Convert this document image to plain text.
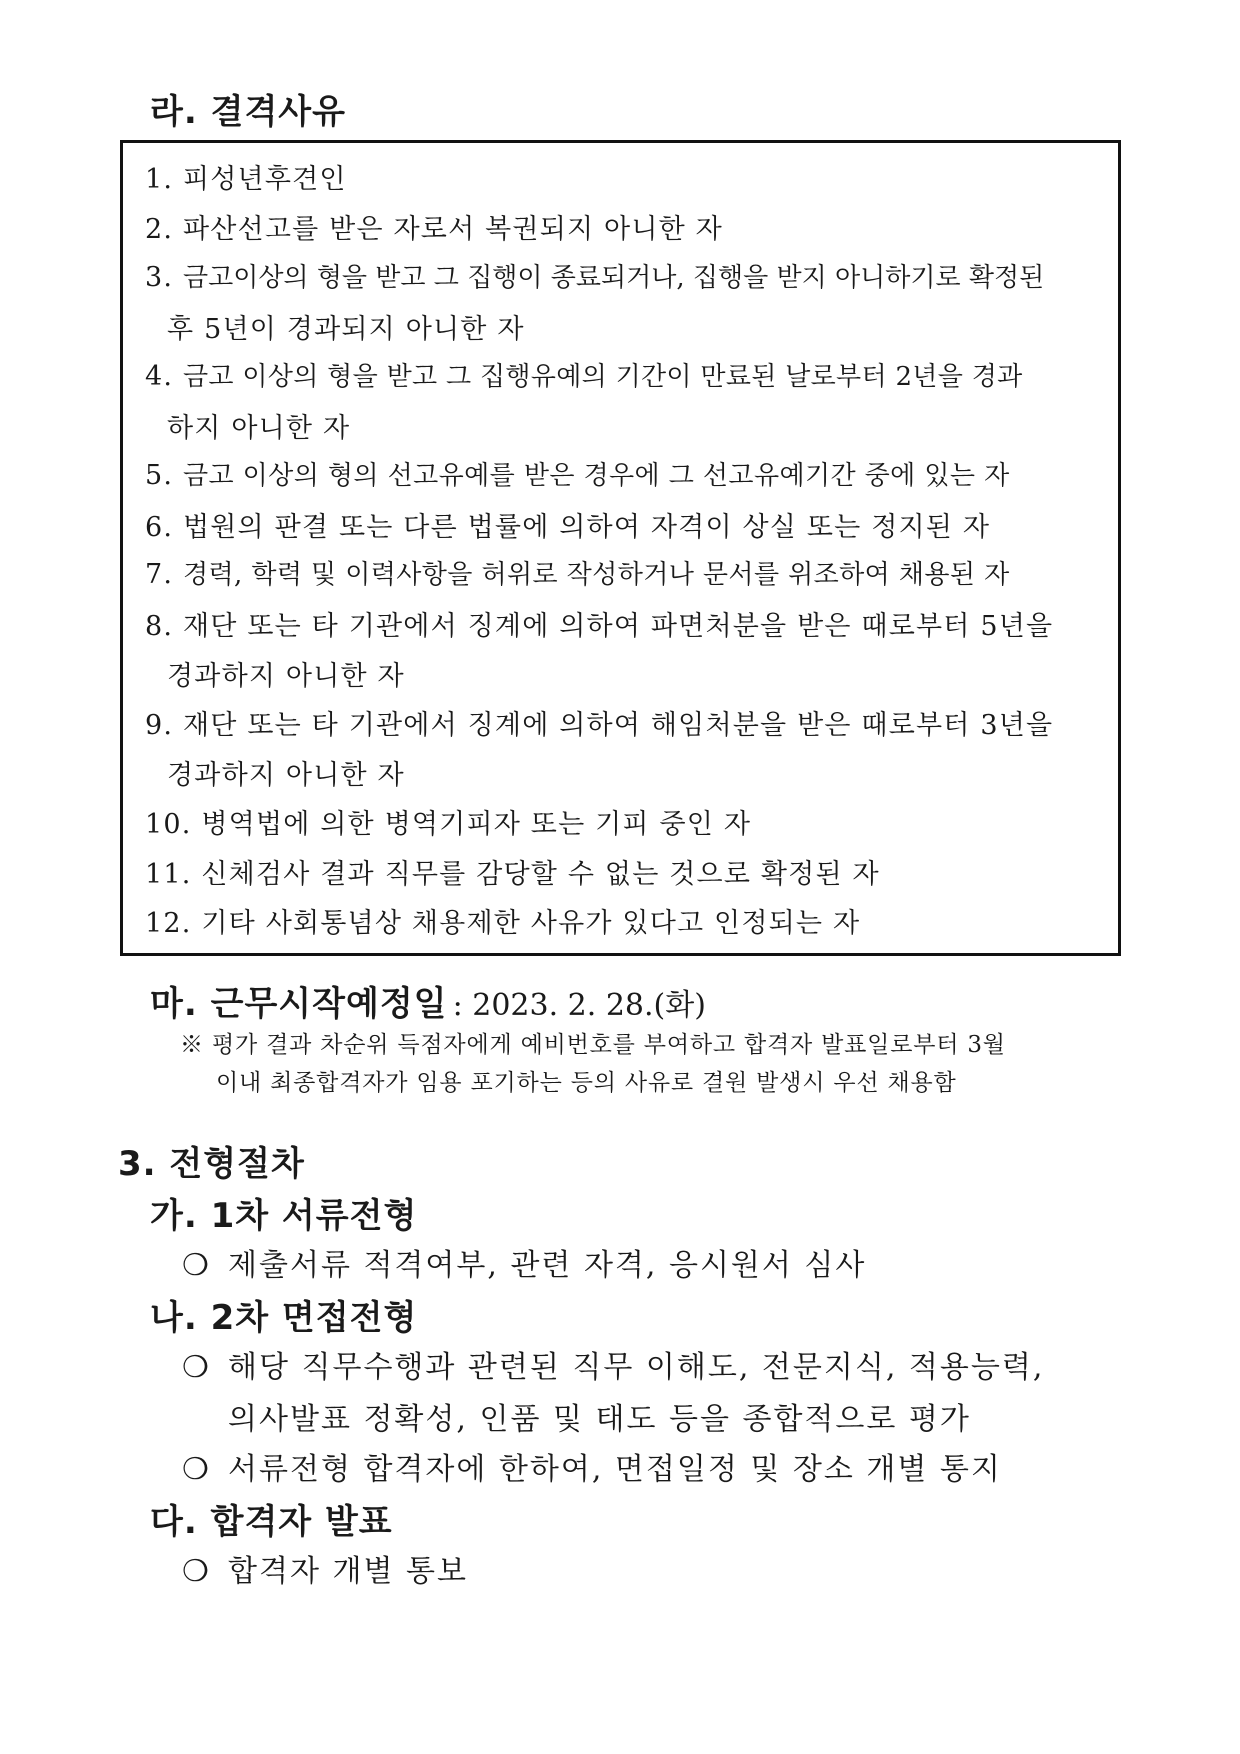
라. 결격사유
1. 피성년후견인
2. 파산선고를 받은 자로서 복권되지 아니한 자
3. 금고이상의 형을 받고 그 집행이 종료되거나, 집행을 받지 아니하기로 확정된
후 5년이 경과되지 아니한 자
4. 금고 이상의 형을 받고 그 집행유예의 기간이 만료된 날로부터 2년을 경과
하지 아니한 자
5. 금고 이상의 형의 선고유예를 받은 경우에 그 선고유예기간 중에 있는 자
6. 법원의 판결 또는 다른 법률에 의하여 자격이 상실 또는 정지된 자
7. 경력, 학력 및 이력사항을 허위로 작성하거나 문서를 위조하여 채용된 자
8. 재단 또는 타 기관에서 징계에 의하여 파면처분을 받은 때로부터 5년을
경과하지 아니한 자
9. 재단 또는 타 기관에서 징계에 의하여 해임처분을 받은 때로부터 3년을
경과하지 아니한 자
10. 병역법에 의한 병역기피자 또는 기피 중인 자
11. 신체검사 결과 직무를 감당할 수 없는 것으로 확정된 자
12. 기타 사회통념상 채용제한 사유가 있다고 인정되는 자
마. 근무시작예정일 : 2023. 2. 28.(화)
※ 평가 결과 차순위 득점자에게 예비번호를 부여하고 합격자 발표일로부터 3월
이내 최종합격자가 임용 포기하는 등의 사유로 결원 발생시 우선 채용함
3. 전형절차
가. 1차 서류전형
❍ 제출서류 적격여부, 관련 자격, 응시원서 심사
나. 2차 면접전형
❍ 해당 직무수행과 관련된 직무 이해도, 전문지식, 적용능력,
의사발표 정확성, 인품 및 태도 등을 종합적으로 평가
❍ 서류전형 합격자에 한하여, 면접일정 및 장소 개별 통지
다. 합격자 발표
❍ 합격자 개별 통보
